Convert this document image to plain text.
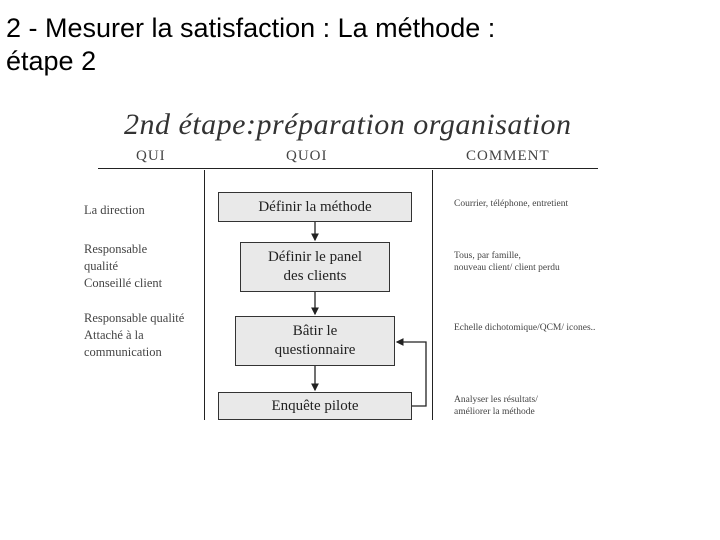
2 - Mesurer la satisfaction : La méthode :
étape 2
2nd étape:préparation organisation
QUI	QUOI	COMMENT
La direction
Responsable
qualité
Conseillé client
Responsable qualité
Attaché à la
communication
Définir la méthode
Définir le panel
des clients
Bâtir le
questionnaire
Enquête pilote
Courrier, téléphone, entretient
Tous, par famille,
nouveau client/ client perdu
Echelle dichotomique/QCM/ icones..
Analyser les résultats/
améliorer la méthode
